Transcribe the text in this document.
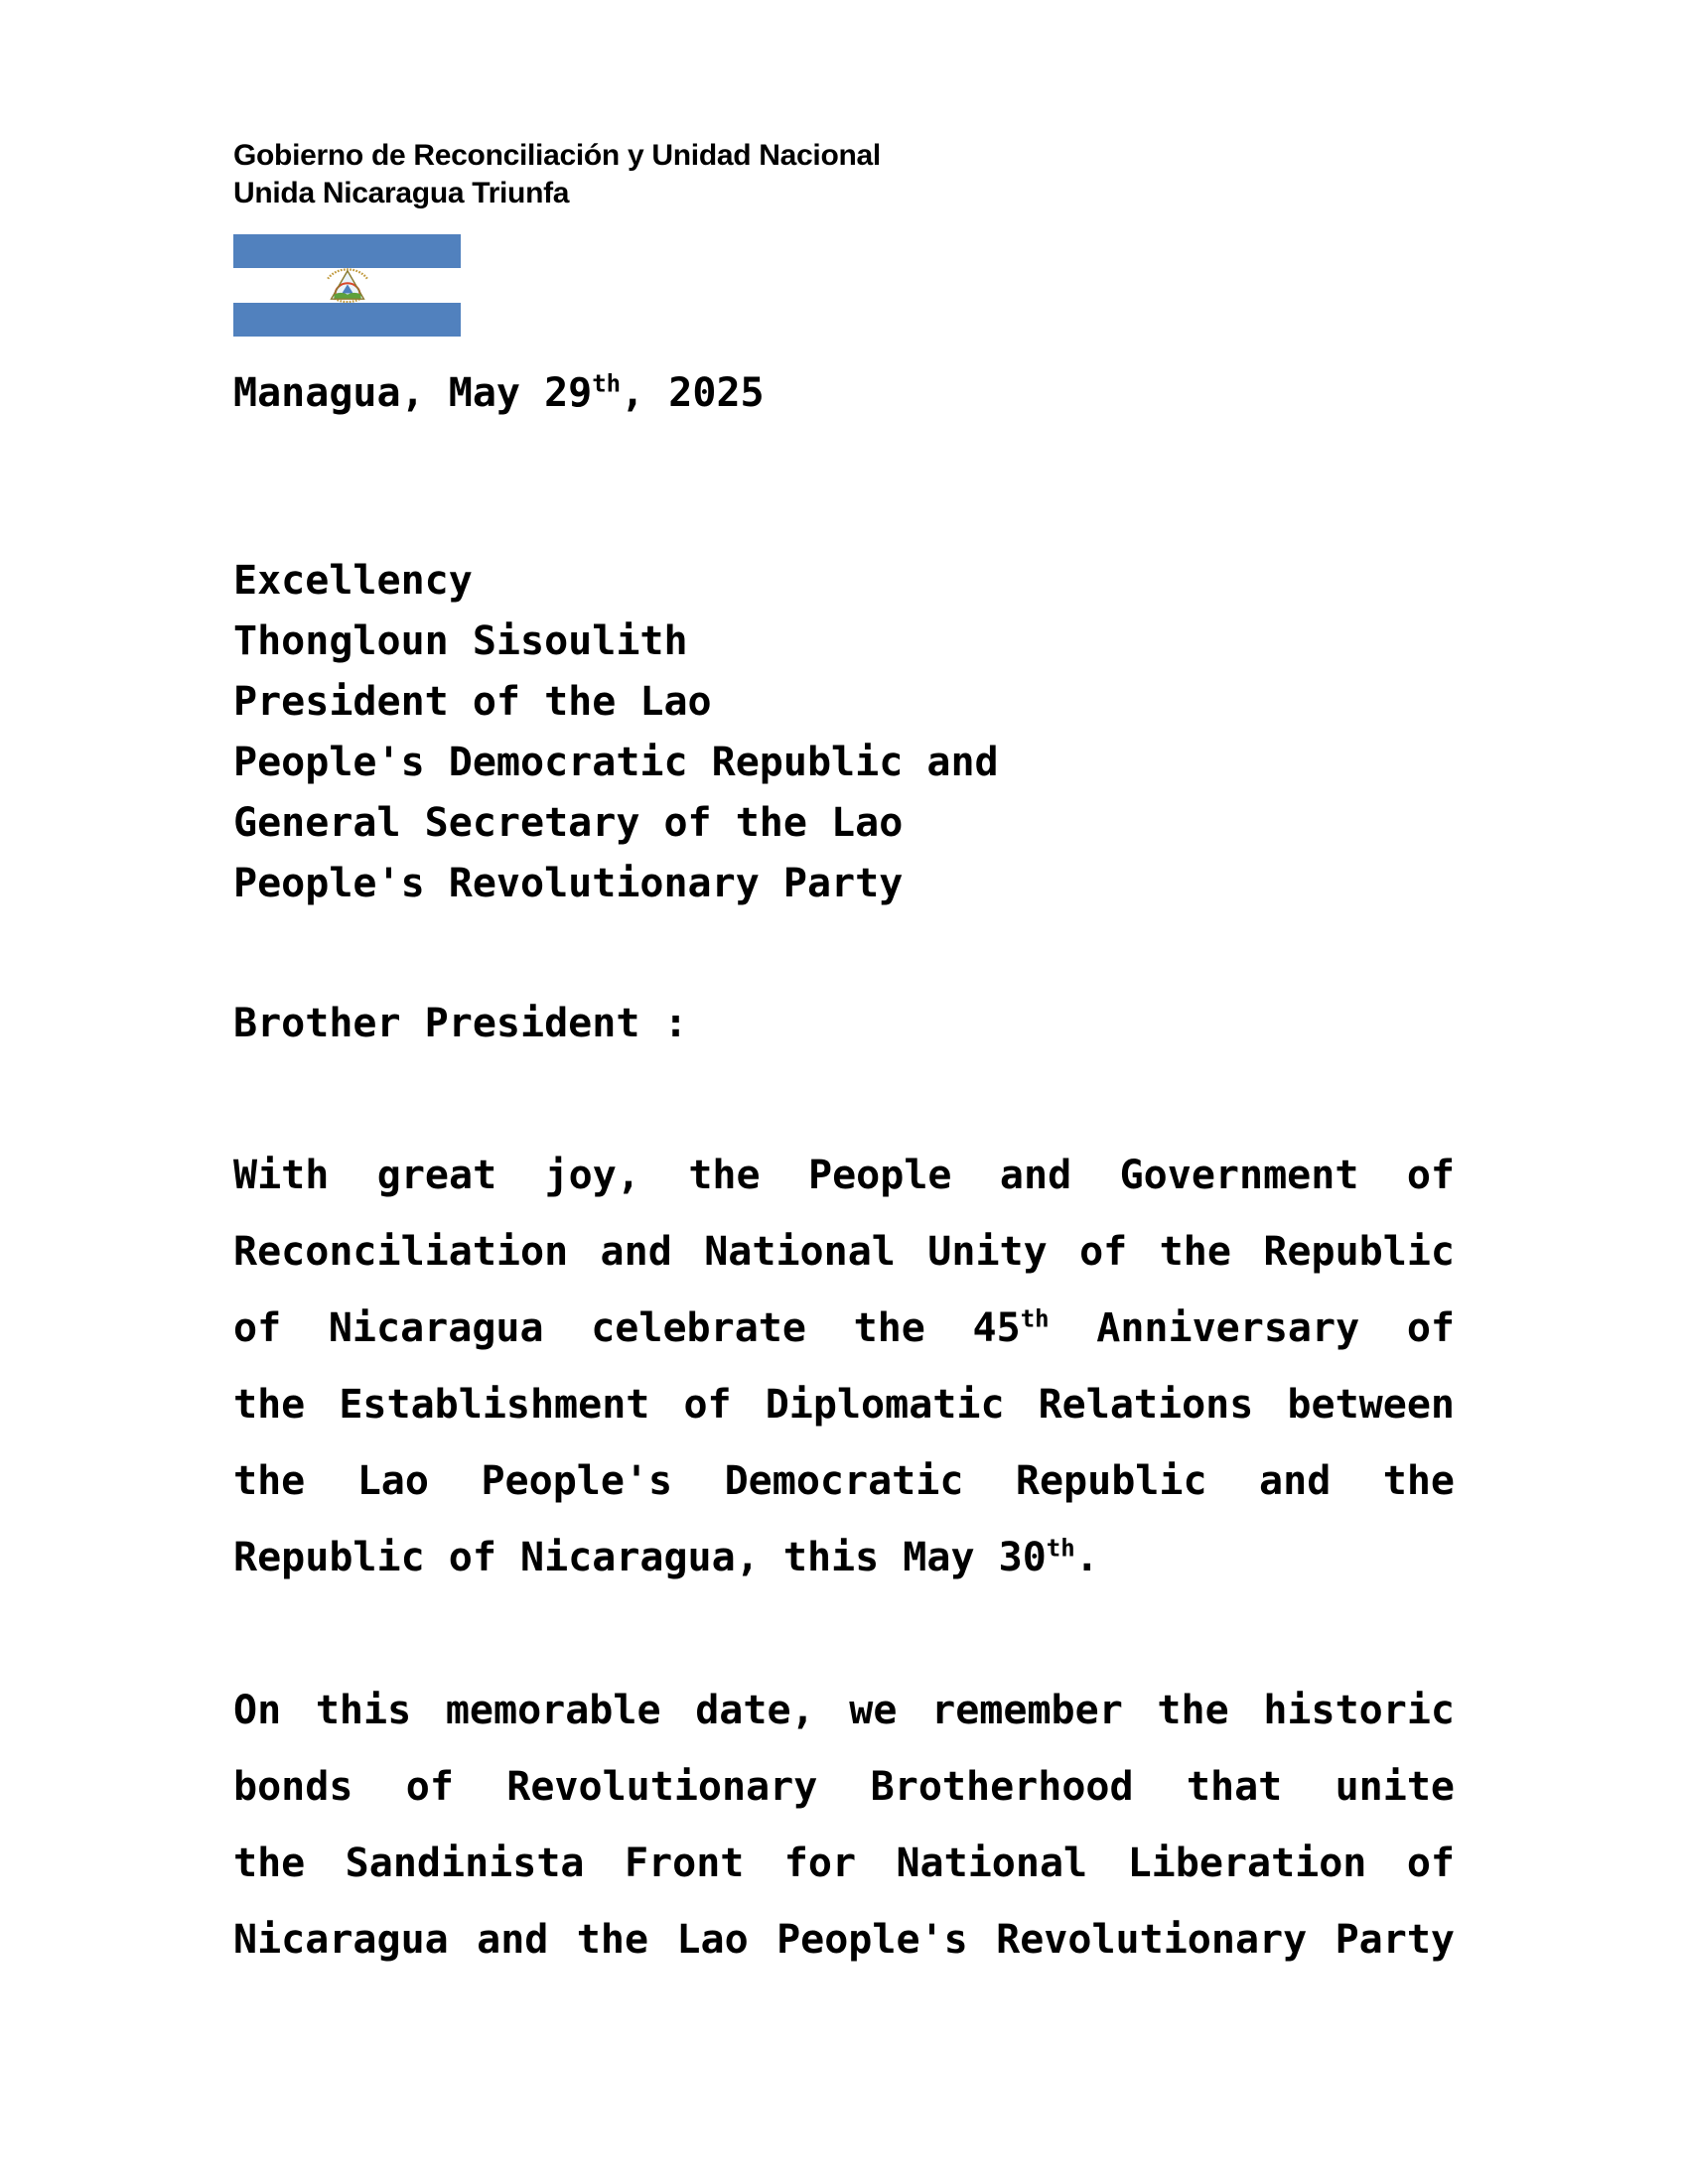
Gobierno de Reconciliación y Unidad Nacional
Unida Nicaragua Triunfa
Managua, May 29th, 2025
Excellency
Thongloun Sisoulith
President of the Lao
People's Democratic Republic and
General Secretary of the Lao
People's Revolutionary Party
Brother President :
With great joy, the People and Government of
Reconciliation and National Unity of the Republic
of Nicaragua celebrate the 45th Anniversary of
the Establishment of Diplomatic Relations between
the Lao People's Democratic Republic and the
Republic of Nicaragua, this May 30th.
On this memorable date, we remember the historic
bonds of Revolutionary Brotherhood that unite
the Sandinista Front for National Liberation of
Nicaragua and the Lao People's Revolutionary Party
